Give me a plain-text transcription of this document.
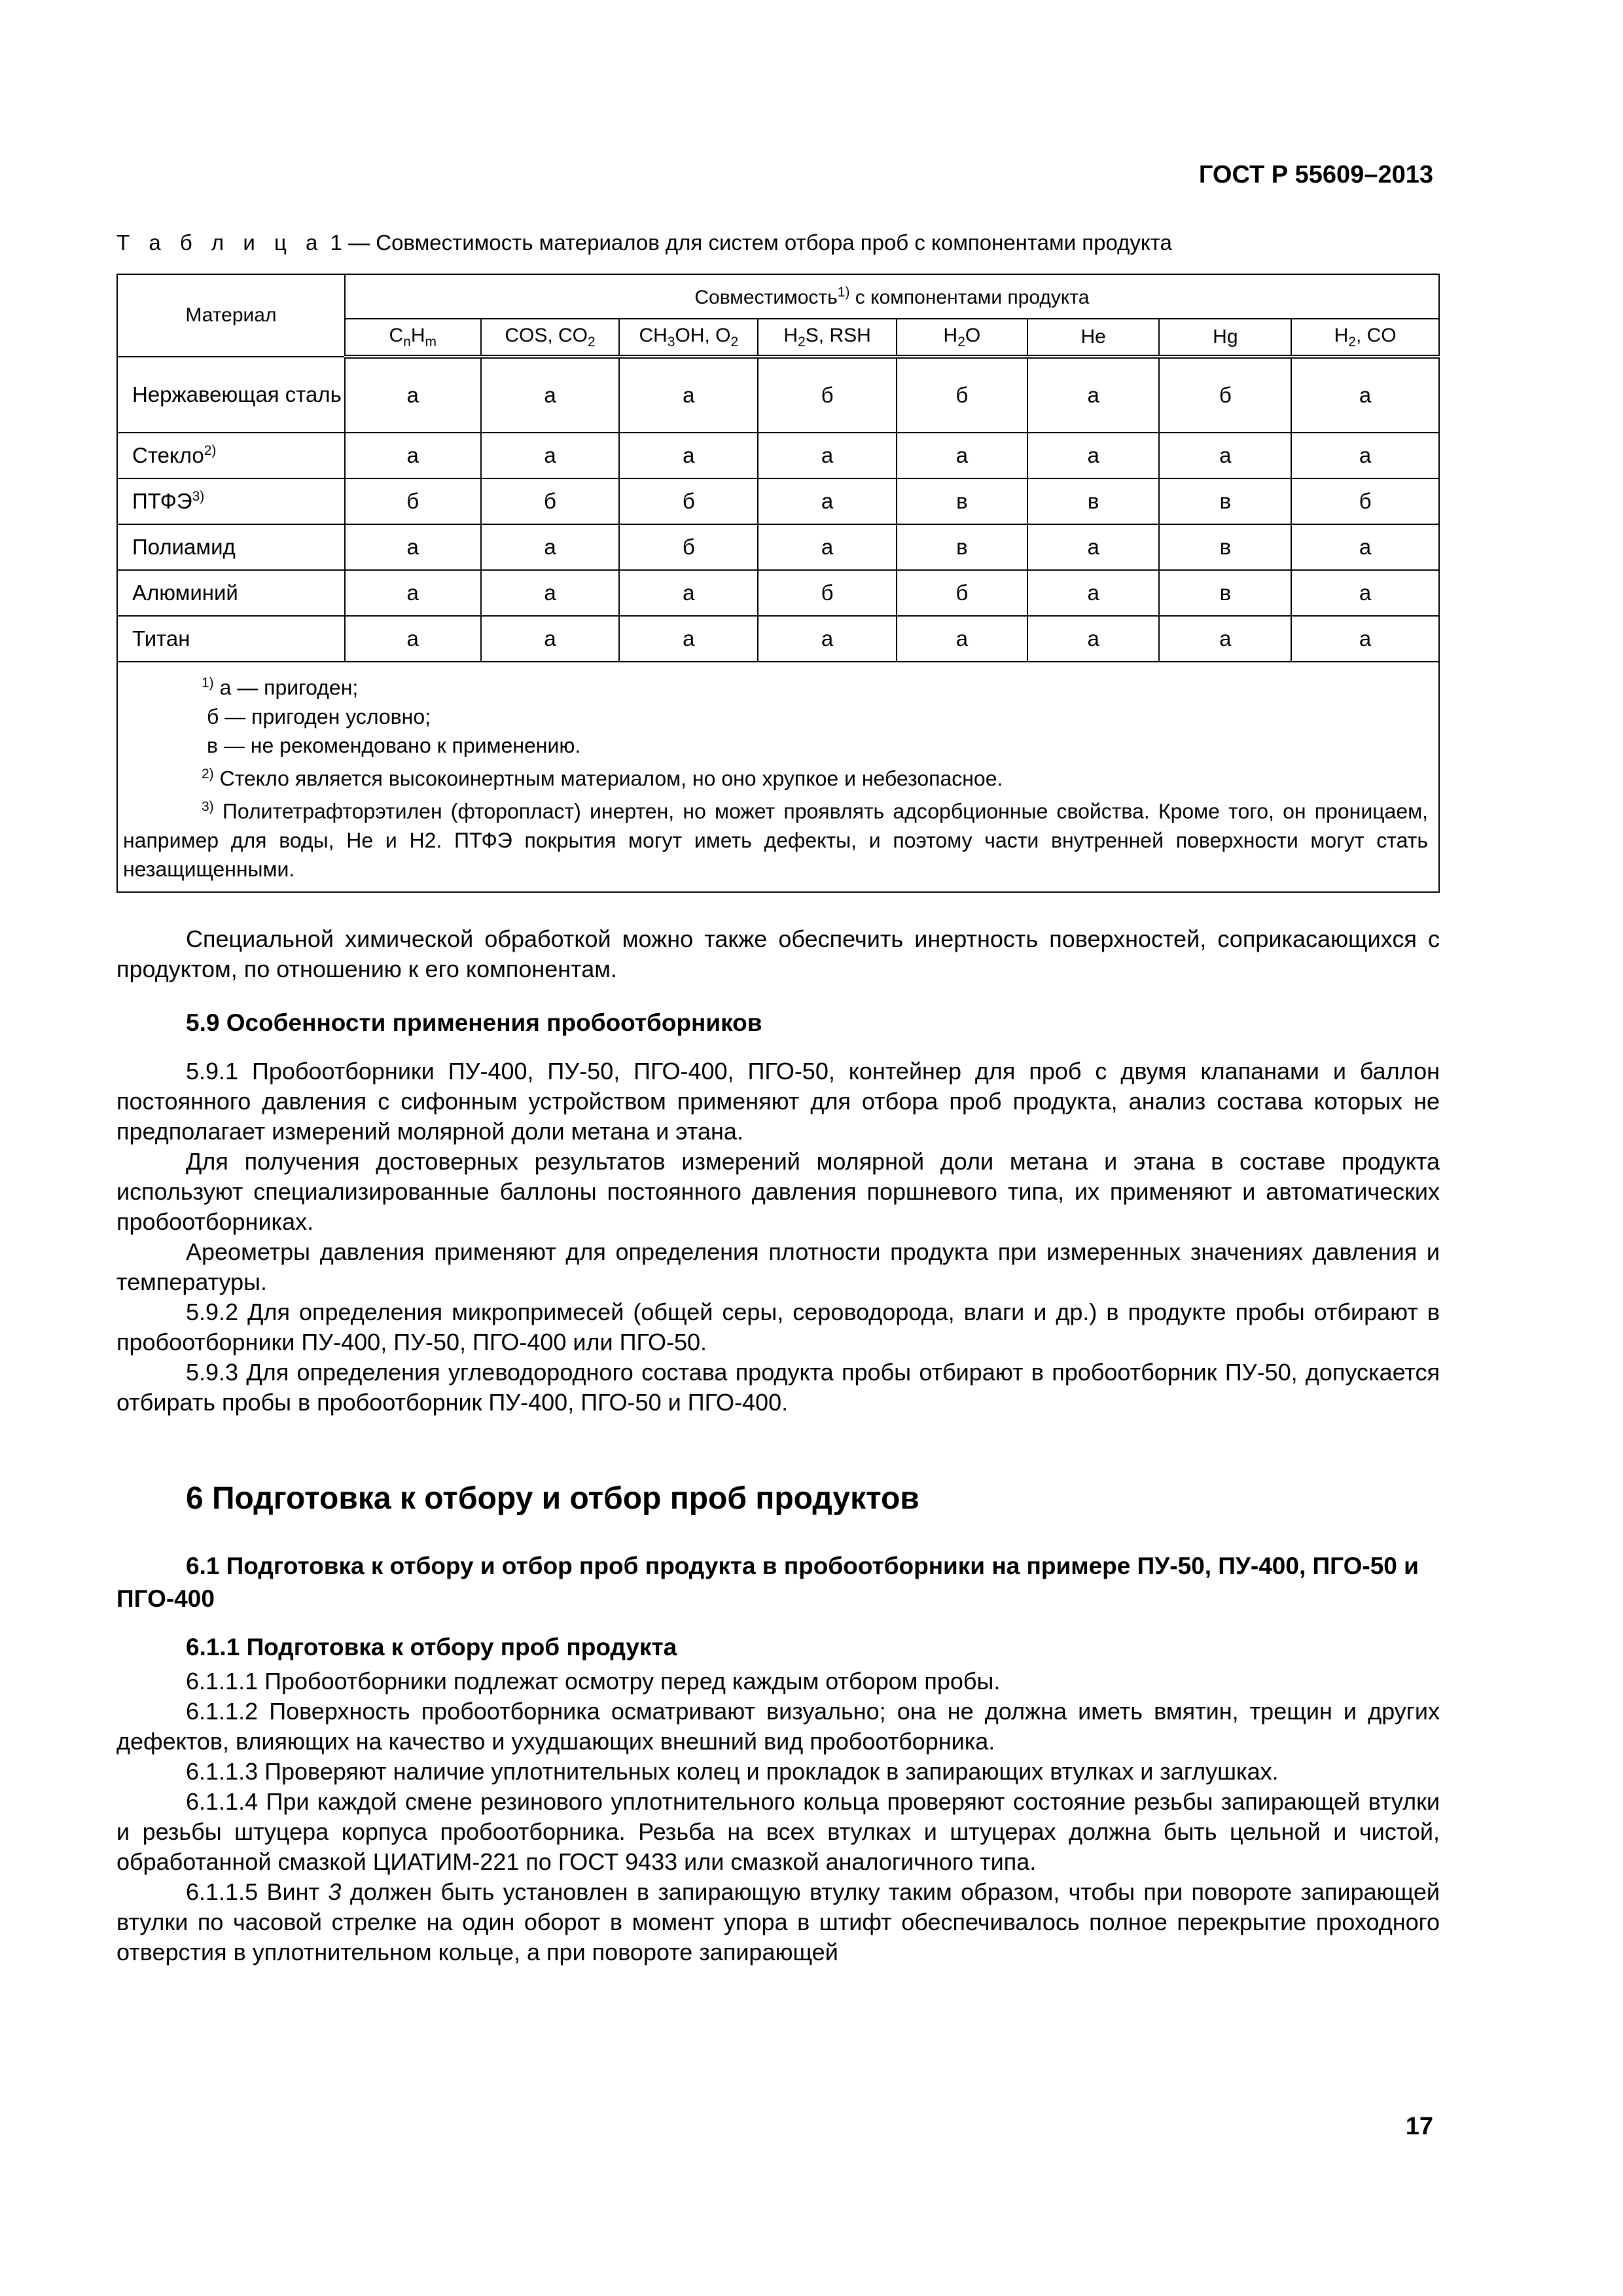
ГОСТ Р 55609–2013
Т а б л и ц а 1 — Совместимость материалов для систем отбора проб с компонентами продукта
Материал	Совместимость$^{1)}$ с компонентами продукта							
	$C_nH_m$	COS, $CO_2$	$CH_3OH$, $O_2$	$H_2S$, RSH	$H_2O$	He	Hg	$H_2$, CO
Нержавеющая сталь	а	а	а	б	б	а	б	а
Стекло$^{2)}$	а	а	а	а	а	а	а	а
ПТФЭ$^{3)}$	б	б	б	а	в	в	в	б
Полиамид	а	а	б	а	в	а	в	а
Алюминий	а	а	а	б	б	а	в	а
Титан	а	а	а	а	а	а	а	а

$^{1)}$ а — пригоден;
б — пригоден условно;
в — не рекомендовано к применению.
$^{2)}$ Стекло является высокоинертным материалом, но оно хрупкое и небезопасное.
$^{3)}$ Политетрафторэтилен (фторопласт) инертен, но может проявлять адсорбционные свойства. Кроме того, он проницаем, например для воды, Не и Н2. ПТФЭ покрытия могут иметь дефекты, и поэтому части внутренней поверхности могут стать незащищенными.								

Специальной химической обработкой можно также обеспечить инертность поверхностей, соприкасающихся с продуктом, по отношению к его компонентам.

5.9 Особенности применения пробоотборников

5.9.1 Пробоотборники ПУ-400, ПУ-50, ПГО-400, ПГО-50, контейнер для проб с двумя клапанами и баллон постоянного давления с сифонным устройством применяют для отбора проб продукта, анализ состава которых не предполагает измерений молярной доли метана и этана.

Для получения достоверных результатов измерений молярной доли метана и этана в составе продукта используют специализированные баллоны постоянного давления поршневого типа, их применяют и автоматических пробоотборниках.

Ареометры давления применяют для определения плотности продукта при измеренных значениях давления и температуры.

5.9.2 Для определения микропримесей (общей серы, сероводорода, влаги и др.) в продукте пробы отбирают в пробоотборники ПУ-400, ПУ-50, ПГО-400 или ПГО-50.

5.9.3 Для определения углеводородного состава продукта пробы отбирают в пробоотборник ПУ-50, допускается отбирать пробы в пробоотборник ПУ-400, ПГО-50 и ПГО-400.

6 Подготовка к отбору и отбор проб продуктов
6.1 Подготовка к отбору и отбор проб продукта в пробоотборники на примере ПУ-50, ПУ-400, ПГО-50 и ПГО-400
6.1.1 Подготовка к отбору проб продукта

6.1.1.1 Пробоотборники подлежат осмотру перед каждым отбором пробы.

6.1.1.2 Поверхность пробоотборника осматривают визуально; она не должна иметь вмятин, трещин и других дефектов, влияющих на качество и ухудшающих внешний вид пробоотборника.

6.1.1.3 Проверяют наличие уплотнительных колец и прокладок в запирающих втулках и заглушках.

6.1.1.4 При каждой смене резинового уплотнительного кольца проверяют состояние резьбы запирающей втулки и резьбы штуцера корпуса пробоотборника. Резьба на всех втулках и штуцерах должна быть цельной и чистой, обработанной смазкой ЦИАТИМ-221 по ГОСТ 9433 или смазкой аналогичного типа.

6.1.1.5 Винт 3 должен быть установлен в запирающую втулку таким образом, чтобы при повороте запирающей втулки по часовой стрелке на один оборот в момент упора в штифт обеспечивалось полное перекрытие проходного отверстия в уплотнительном кольце, а при повороте запирающей

17
